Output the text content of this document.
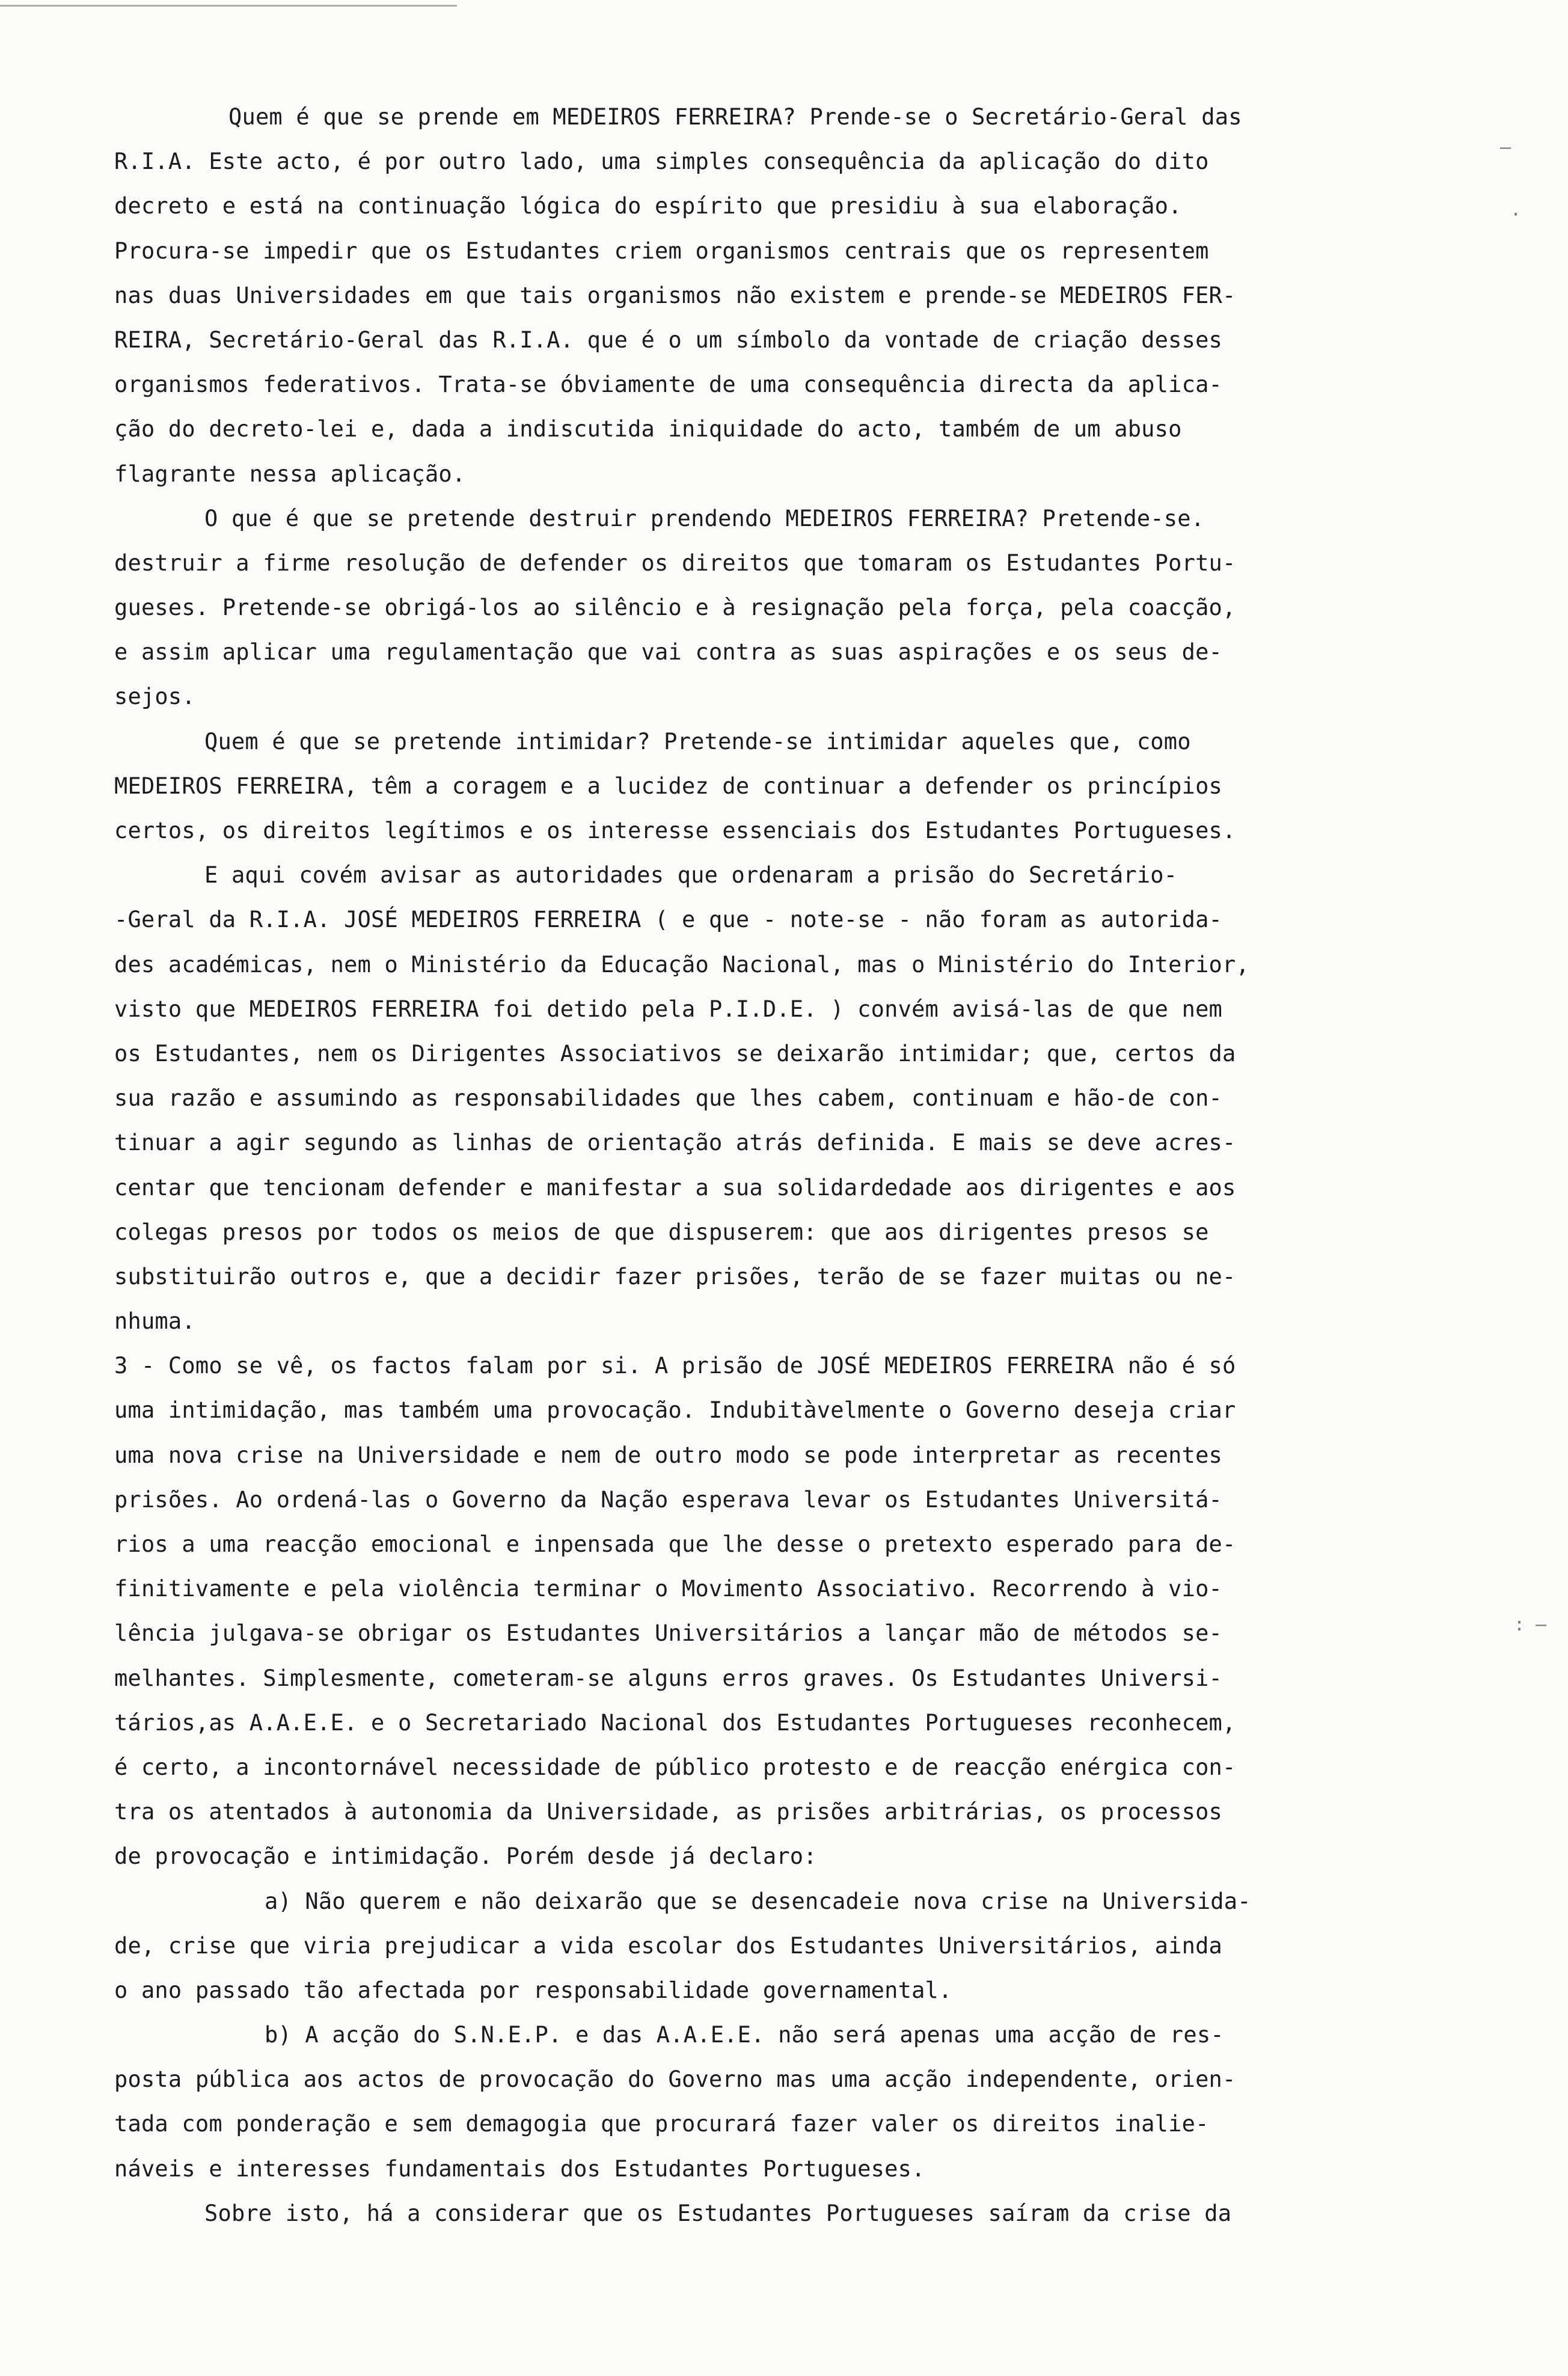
Quem é que se prende em MEDEIROS FERREIRA? Prende-se o Secretário-Geral das
R.I.A. Este acto, é por outro lado, uma simples consequência da aplicação do dito
decreto e está na continuação lógica do espírito que presidiu à sua elaboração.
Procura-se impedir que os Estudantes criem organismos centrais que os representem
nas duas Universidades em que tais organismos não existem e prende-se MEDEIROS FER-
REIRA, Secretário-Geral das R.I.A. que é o um símbolo da vontade de criação desses
organismos federativos. Trata-se óbviamente de uma consequência directa da aplica-
ção do decreto-lei e, dada a indiscutida iniquidade do acto, também de um abuso
flagrante nessa aplicação.
O que é que se pretende destruir prendendo MEDEIROS FERREIRA? Pretende-se.
destruir a firme resolução de defender os direitos que tomaram os Estudantes Portu-
gueses. Pretende-se obrigá-los ao silêncio e à resignação pela força, pela coacção,
e assim aplicar uma regulamentação que vai contra as suas aspirações e os seus de-
sejos.
Quem é que se pretende intimidar? Pretende-se intimidar aqueles que, como
MEDEIROS FERREIRA, têm a coragem e a lucidez de continuar a defender os princípios
certos, os direitos legítimos e os interesse essenciais dos Estudantes Portugueses.
E aqui covém avisar as autoridades que ordenaram a prisão do Secretário-
-Geral da R.I.A. JOSÉ MEDEIROS FERREIRA ( e que - note-se - não foram as autorida-
des académicas, nem o Ministério da Educação Nacional, mas o Ministério do Interior,
visto que MEDEIROS FERREIRA foi detido pela P.I.D.E. ) convém avisá-las de que nem
os Estudantes, nem os Dirigentes Associativos se deixarão intimidar; que, certos da
sua razão e assumindo as responsabilidades que lhes cabem, continuam e hão-de con-
tinuar a agir segundo as linhas de orientação atrás definida. E mais se deve acres-
centar que tencionam defender e manifestar a sua solidardedade aos dirigentes e aos
colegas presos por todos os meios de que dispuserem: que aos dirigentes presos se
substituirão outros e, que a decidir fazer prisões, terão de se fazer muitas ou ne-
nhuma.
3 - Como se vê, os factos falam por si. A prisão de JOSÉ MEDEIROS FERREIRA não é só
uma intimidação, mas também uma provocação. Indubitàvelmente o Governo deseja criar
uma nova crise na Universidade e nem de outro modo se pode interpretar as recentes
prisões. Ao ordená-las o Governo da Nação esperava levar os Estudantes Universitá-
rios a uma reacção emocional e inpensada que lhe desse o pretexto esperado para de-
finitivamente e pela violência terminar o Movimento Associativo. Recorrendo à vio-
lência julgava-se obrigar os Estudantes Universitários a lançar mão de métodos se-
melhantes. Simplesmente, cometeram-se alguns erros graves. Os Estudantes Universi-
tários,as A.A.E.E. e o Secretariado Nacional dos Estudantes Portugueses reconhecem,
é certo, a incontornável necessidade de público protesto e de reacção enérgica con-
tra os atentados à autonomia da Universidade, as prisões arbitrárias, os processos
de provocação e intimidação. Porém desde já declaro:
a) Não querem e não deixarão que se desencadeie nova crise na Universida-
de, crise que viria prejudicar a vida escolar dos Estudantes Universitários, ainda
o ano passado tão afectada por responsabilidade governamental.
b) A acção do S.N.E.P. e das A.A.E.E. não será apenas uma acção de res-
posta pública aos actos de provocação do Governo mas uma acção independente, orien-
tada com ponderação e sem demagogia que procurará fazer valer os direitos inalie-
náveis e interesses fundamentais dos Estudantes Portugueses.
Sobre isto, há a considerar que os Estudantes Portugueses saíram da crise da
–
·
: –
